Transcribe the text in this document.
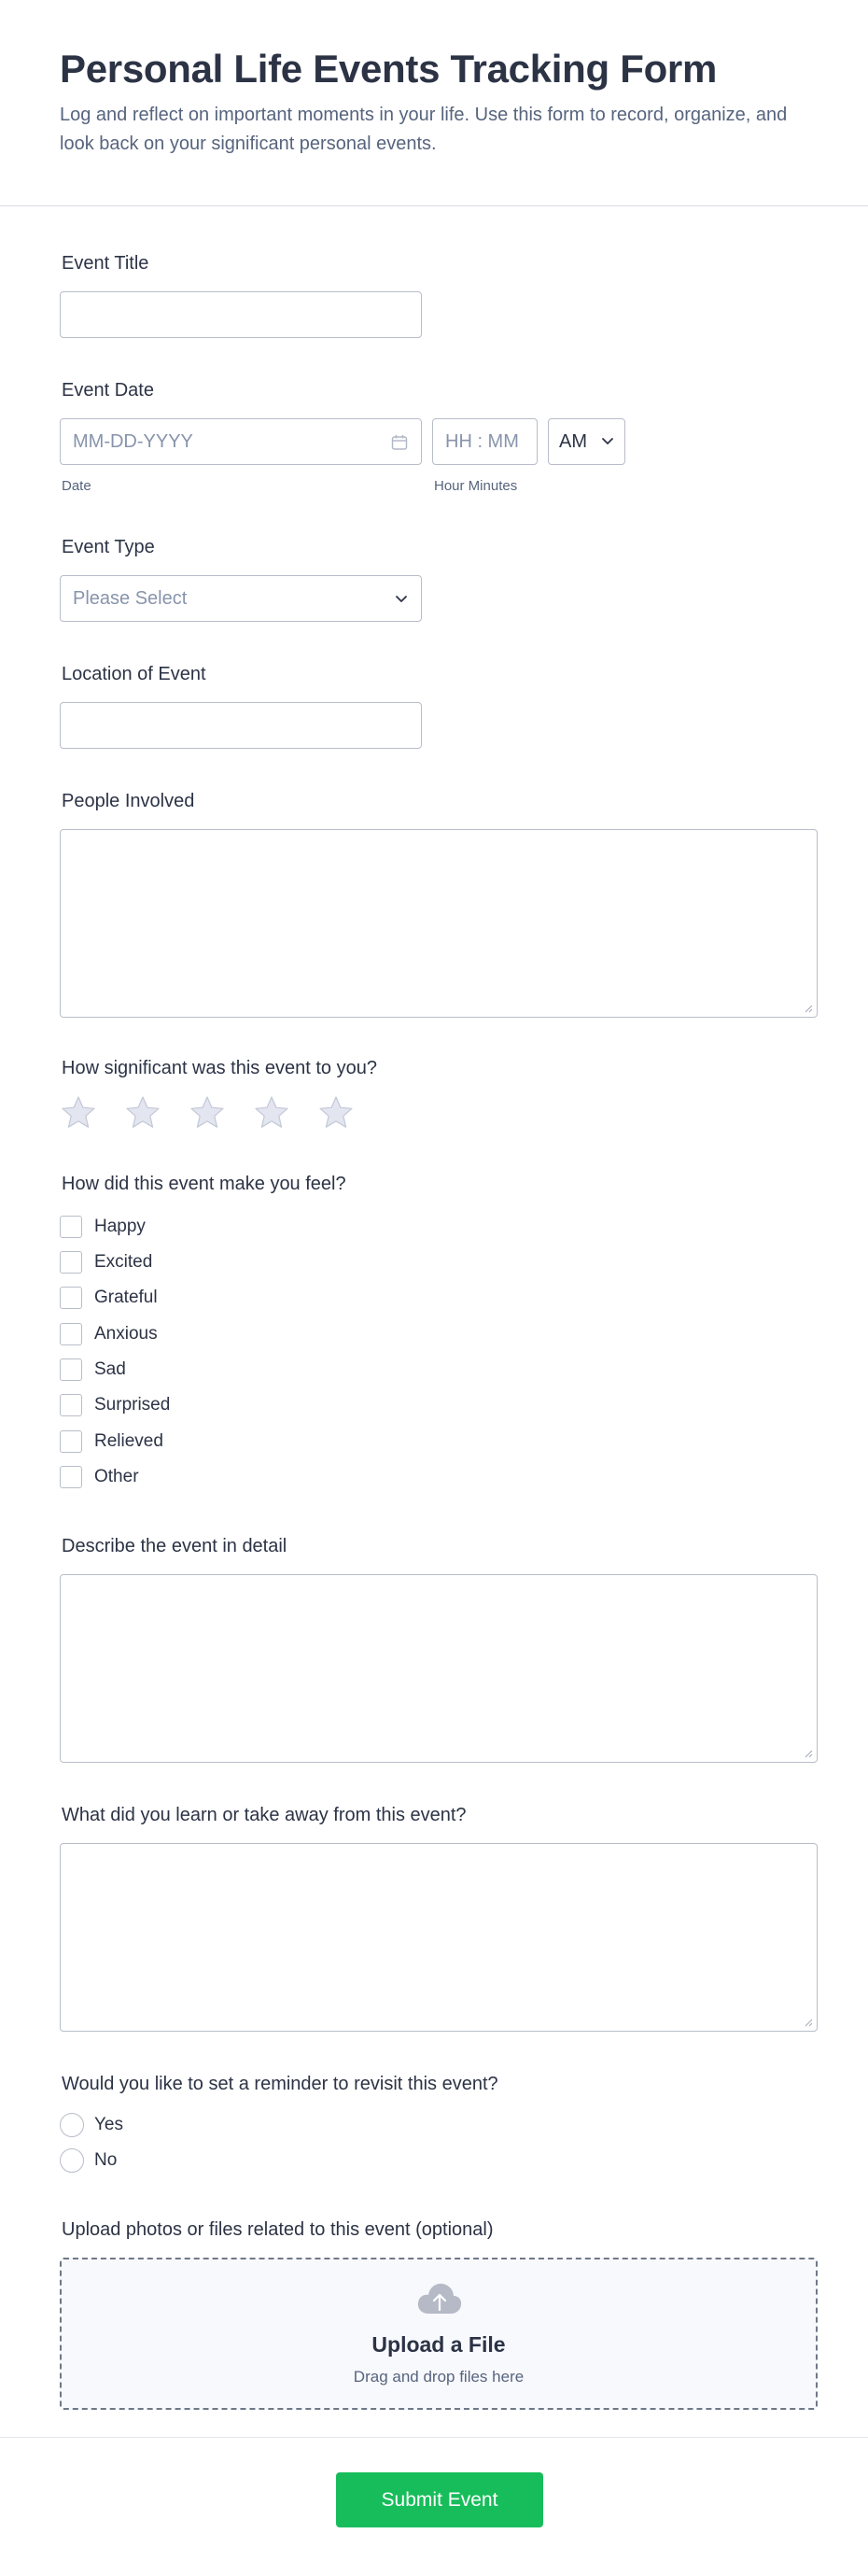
Personal Life Events Tracking Form

Log and reflect on important moments in your life. Use this form to record, organize, and look back on your significant personal events.

Event Title
Event Date
MM-DD-YYYY
Date
HH : MM
Hour Minutes
AM
Event Type
Please Select
Location of Event
People Involved
How significant was this event to you?
How did this event make you feel?
Happy
Excited
Grateful
Anxious
Sad
Surprised
Relieved
Other
Describe the event in detail
What did you learn or take away from this event?
Would you like to set a reminder to revisit this event?
Yes
No
Upload photos or files related to this event (optional)
Upload a File
Drag and drop files here
Submit Event
